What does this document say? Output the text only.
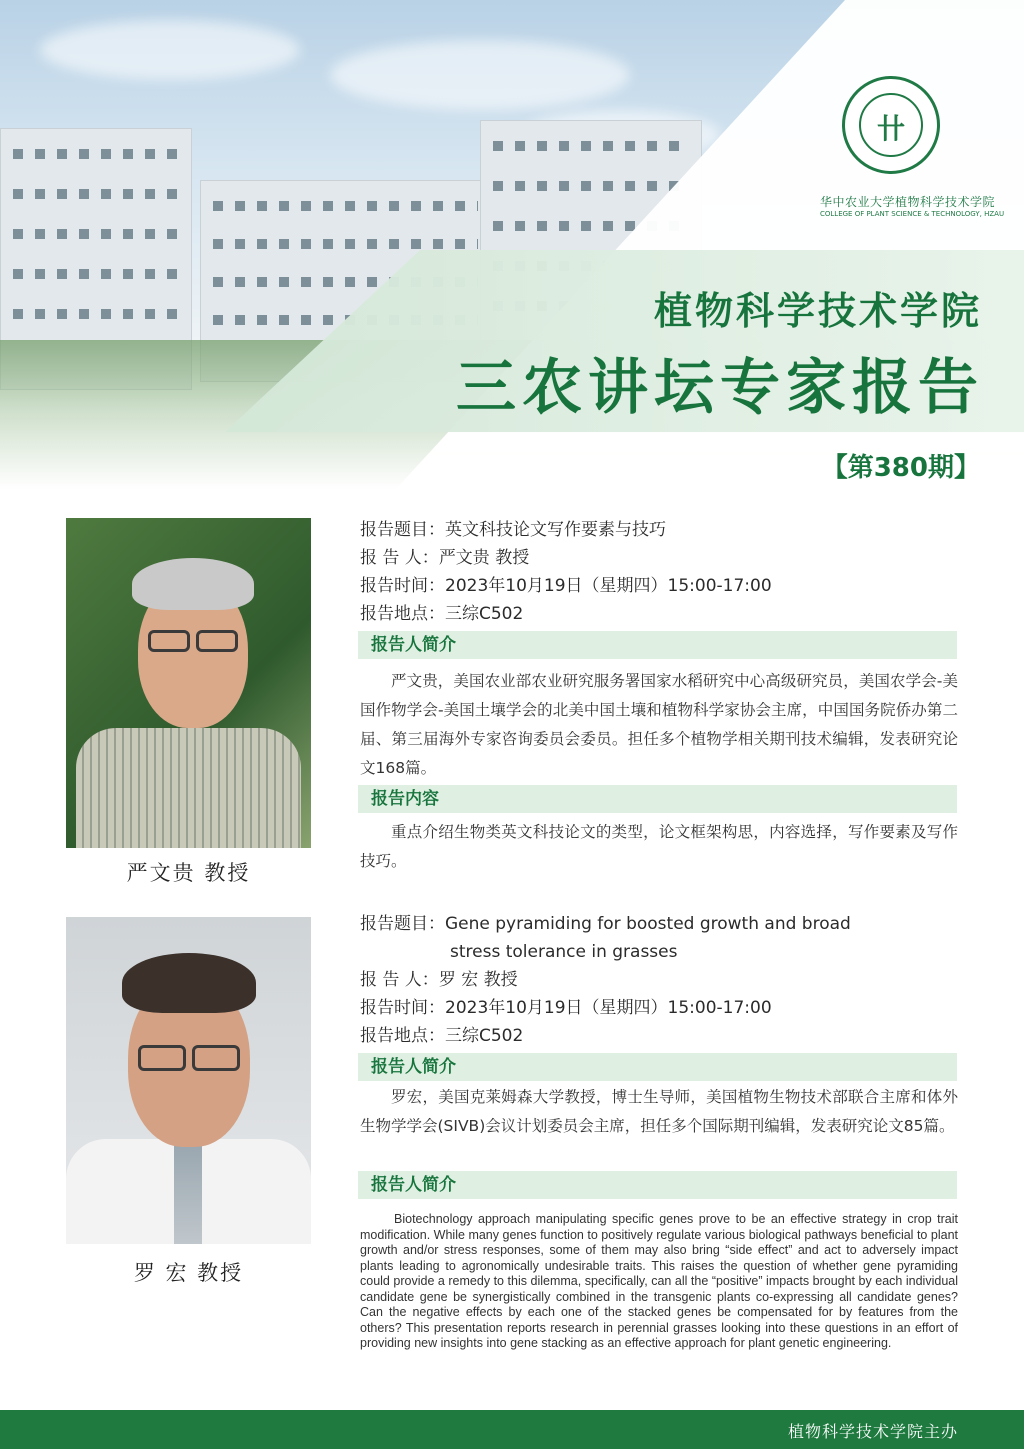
卄
华中农业大学植物科学技术学院
COLLEGE OF PLANT SCIENCE & TECHNOLOGY, HZAU
植物科学技术学院
三农讲坛专家报告
【第380期】
严文贵 教授
报告题目：英文科技论文写作要素与技巧
报 告 人：严文贵 教授
报告时间：2023年10月19日（星期四）15:00-17:00
报告地点：三综C502
报告人简介
严文贵，美国农业部农业研究服务署国家水稻研究中心高级研究员，美国农学会-美国作物学会-美国土壤学会的北美中国土壤和植物科学家协会主席，中国国务院侨办第二届、第三届海外专家咨询委员会委员。担任多个植物学相关期刊技术编辑，发表研究论文168篇。
报告内容
重点介绍生物类英文科技论文的类型，论文框架构思，内容选择，写作要素及写作技巧。
罗 宏 教授
报告题目：Gene pyramiding for boosted growth and broad
stress tolerance in grasses
报 告 人：罗 宏 教授
报告时间：2023年10月19日（星期四）15:00-17:00
报告地点：三综C502
报告人简介
罗宏，美国克莱姆森大学教授，博士生导师，美国植物生物技术部联合主席和体外生物学学会(SIVB)会议计划委员会主席，担任多个国际期刊编辑，发表研究论文85篇。
报告人简介
Biotechnology approach manipulating specific genes prove to be an effective strategy in crop trait modification. While many genes function to positively regulate various biological pathways beneficial to plant growth and/or stress responses, some of them may also bring “side effect” and act to adversely impact plants leading to agronomically undesirable traits. This raises the question of whether gene pyramiding could provide a remedy to this dilemma, specifically, can all the “positive” impacts brought by each individual candidate gene be synergistically combined in the transgenic plants co-expressing all candidate genes? Can the negative effects by each one of the stacked genes be compensated for by features from the others? This presentation reports research in perennial grasses looking into these questions in an effort of providing new insights into gene stacking as an effective approach for plant genetic engineering.
植物科学技术学院主办
